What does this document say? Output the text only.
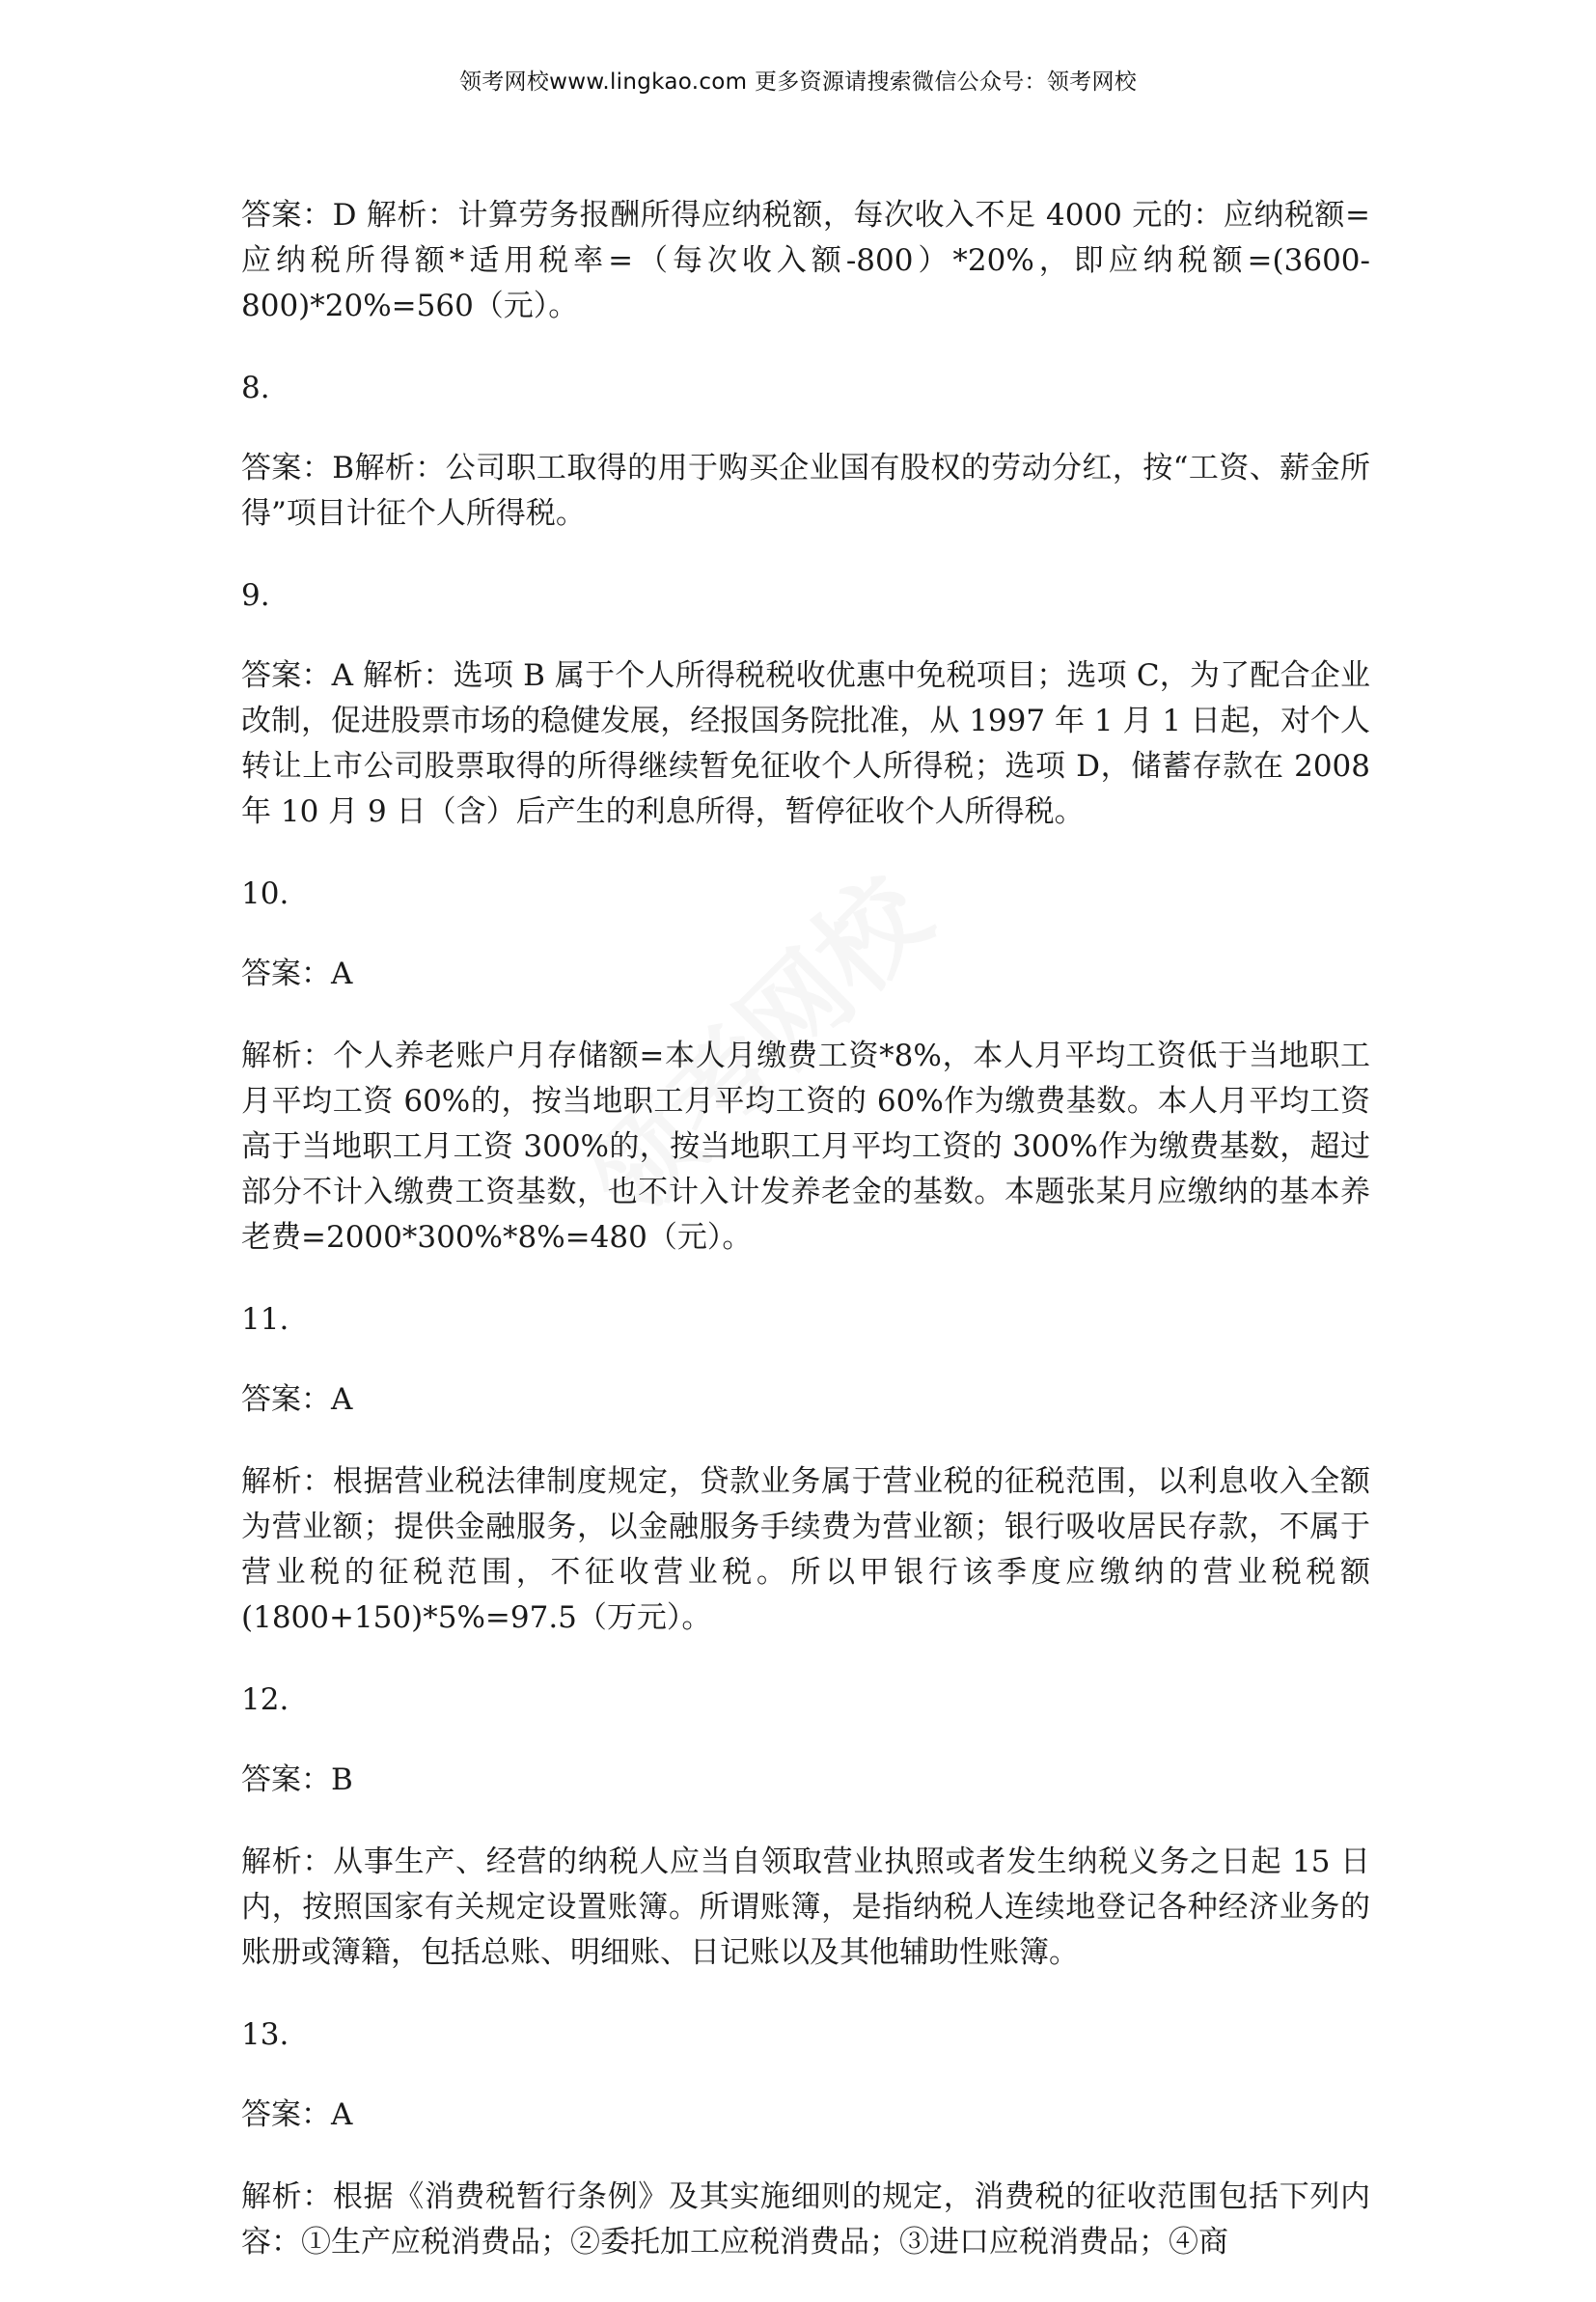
领考网校www.lingkao.com 更多资源请搜索微信公众号：领考网校

答案：D 解析：计算劳务报酬所得应纳税额，每次收入不足 4000 元的：应纳税额=应纳税所得额*适用税率=（每次收入额-800）*20%，即应纳税额=(3600-800)*20%=560（元）。

8.

答案：B解析：公司职工取得的用于购买企业国有股权的劳动分红，按“工资、薪金所得”项目计征个人所得税。

9.

答案：A 解析：选项 B 属于个人所得税税收优惠中免税项目；选项 C，为了配合企业改制，促进股票市场的稳健发展，经报国务院批准，从 1997 年 1 月 1 日起，对个人转让上市公司股票取得的所得继续暂免征收个人所得税；选项 D，储蓄存款在 2008 年 10 月 9 日（含）后产生的利息所得，暂停征收个人所得税。

10.

答案：A

解析：个人养老账户月存储额=本人月缴费工资*8%，本人月平均工资低于当地职工月平均工资 60%的，按当地职工月平均工资的 60%作为缴费基数。本人月平均工资高于当地职工月工资 300%的，按当地职工月平均工资的 300%作为缴费基数，超过部分不计入缴费工资基数，也不计入计发养老金的基数。本题张某月应缴纳的基本养老费=2000*300%*8%=480（元）。

11.

答案：A

解析：根据营业税法律制度规定，贷款业务属于营业税的征税范围，以利息收入全额为营业额；提供金融服务，以金融服务手续费为营业额；银行吸收居民存款，不属于营业税的征税范围，不征收营业税。所以甲银行该季度应缴纳的营业税税额(1800+150)*5%=97.5（万元）。

12.

答案：B

解析：从事生产、经营的纳税人应当自领取营业执照或者发生纳税义务之日起 15 日内，按照国家有关规定设置账簿。所谓账簿，是指纳税人连续地登记各种经济业务的账册或簿籍，包括总账、明细账、日记账以及其他辅助性账簿。

13.

答案：A

解析：根据《消费税暂行条例》及其实施细则的规定，消费税的征收范围包括下列内容：①生产应税消费品；②委托加工应税消费品；③进口应税消费品；④商
